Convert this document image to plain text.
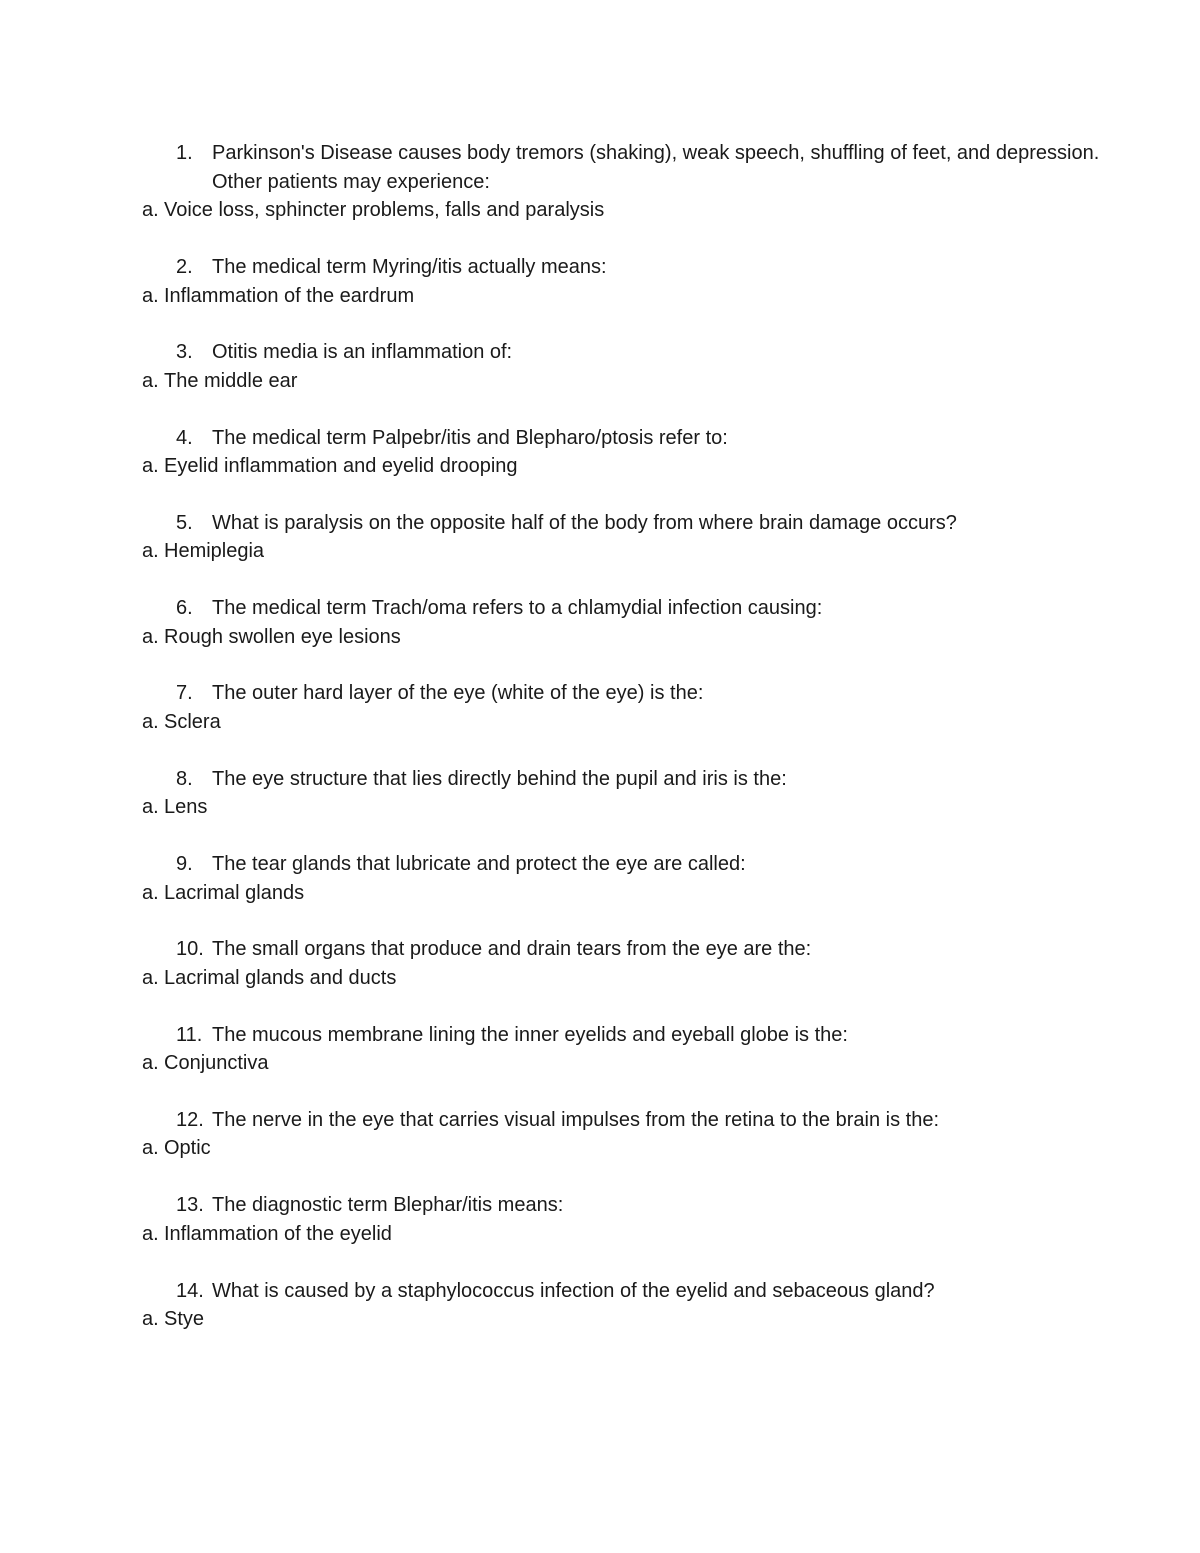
1. Parkinson's Disease causes body tremors (shaking), weak speech, shuffling of feet, and depression. Other patients may experience:
a. Voice loss, sphincter problems, falls and paralysis
2. The medical term Myring/itis actually means:
a. Inflammation of the eardrum
3. Otitis media is an inflammation of:
a. The middle ear
4. The medical term Palpebr/itis and Blepharo/ptosis refer to:
a. Eyelid inflammation and eyelid drooping
5. What is paralysis on the opposite half of the body from where brain damage occurs?
a. Hemiplegia
6. The medical term Trach/oma refers to a chlamydial infection causing:
a. Rough swollen eye lesions
7. The outer hard layer of the eye (white of the eye) is the:
a. Sclera
8. The eye structure that lies directly behind the pupil and iris is the:
a. Lens
9. The tear glands that lubricate and protect the eye are called:
a. Lacrimal glands
10. The small organs that produce and drain tears from the eye are the:
a. Lacrimal glands and ducts
11. The mucous membrane lining the inner eyelids and eyeball globe is the:
a. Conjunctiva
12. The nerve in the eye that carries visual impulses from the retina to the brain is the:
a. Optic
13. The diagnostic term Blephar/itis means:
a. Inflammation of the eyelid
14. What is caused by a staphylococcus infection of the eyelid and sebaceous gland?
a. Stye
